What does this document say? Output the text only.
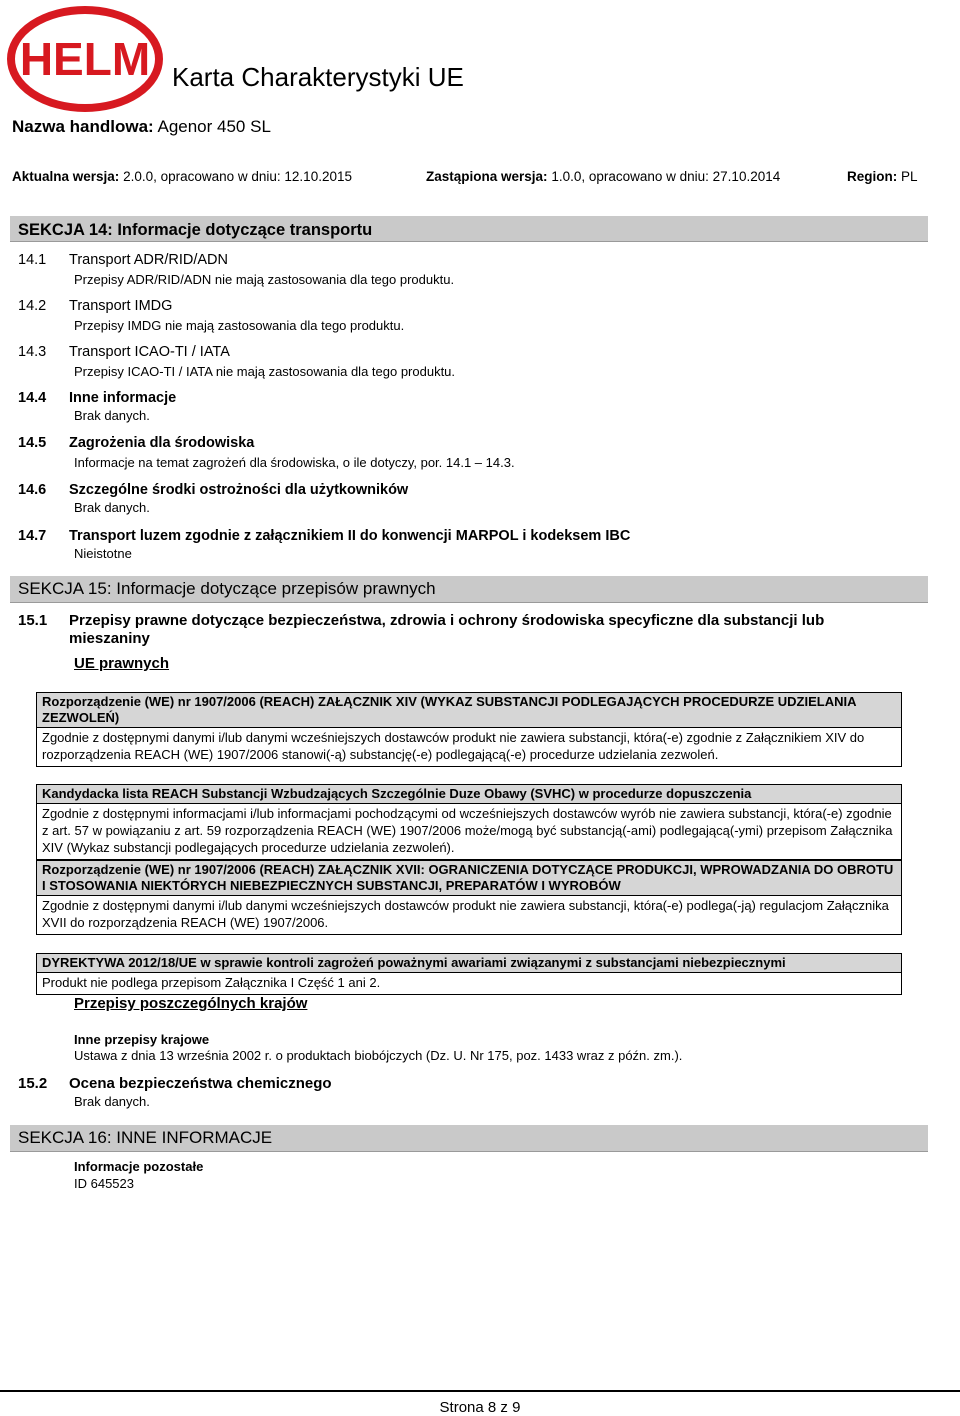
HELM Karta Charakterystyki UE
Nazwa handlowa: Agenor 450 SL
Aktualna wersja: 2.0.0, opracowano w dniu: 12.10.2015	Zastąpiona wersja: 1.0.0, opracowano w dniu: 27.10.2014	Region: PL
SEKCJA 14: Informacje dotyczące transportu
14.1 Transport ADR/RID/ADN
Przepisy ADR/RID/ADN nie mają zastosowania dla tego produktu.
14.2 Transport IMDG
Przepisy IMDG nie mają zastosowania dla tego produktu.
14.3 Transport ICAO-TI / IATA
Przepisy ICAO-TI / IATA nie mają zastosowania dla tego produktu.
14.4 Inne informacje
Brak danych.
14.5 Zagrożenia dla środowiska
Informacje na temat zagrożeń dla środowiska, o ile dotyczy, por. 14.1 – 14.3.
14.6 Szczególne środki ostrożności dla użytkowników
Brak danych.
14.7 Transport luzem zgodnie z załącznikiem II do konwencji MARPOL i kodeksem IBC
Nieistotne
SEKCJA 15: Informacje dotyczące przepisów prawnych
15.1 Przepisy prawne dotyczące bezpieczeństwa, zdrowia i ochrony środowiska specyficzne dla substancji lub
mieszaniny
UE prawnych
Rozporządzenie (WE) nr 1907/2006 (REACH) ZAŁĄCZNIK XIV (WYKAZ SUBSTANCJI PODLEGAJĄCYCH PROCEDURZE UDZIELANIA ZEZWOLEŃ)
Zgodnie z dostępnymi danymi i/lub danymi wcześniejszych dostawców produkt nie zawiera substancji, która(-e) zgodnie z Załącznikiem XIV do rozporządzenia REACH (WE) 1907/2006 stanowi(-ą) substancję(-e) podlegającą(-e) procedurze udzielania zezwoleń.
Kandydacka lista REACH Substancji Wzbudzających Szczególnie Duze Obawy (SVHC) w procedurze dopuszczenia
Zgodnie z dostępnymi informacjami i/lub informacjami pochodzącymi od wcześniejszych dostawców wyrób nie zawiera substancji, która(-e) zgodnie z art. 57 w powiązaniu z art. 59 rozporządzenia REACH (WE) 1907/2006 może/mogą być substancją(-ami) podlegającą(-ymi) przepisom Załącznika XIV (Wykaz substancji podlegających procedurze udzielania zezwoleń).
Rozporządzenie (WE) nr 1907/2006 (REACH) ZAŁĄCZNIK XVII: OGRANICZENIA DOTYCZĄCE PRODUKCJI, WPROWADZANIA DO OBROTU I STOSOWANIA NIEKTÓRYCH NIEBEZPIECZNYCH SUBSTANCJI, PREPARATÓW I WYROBÓW
Zgodnie z dostępnymi danymi i/lub danymi wcześniejszych dostawców produkt nie zawiera substancji, która(-e) podlega(-ją) regulacjom Załącznika XVII do rozporządzenia REACH (WE) 1907/2006.
DYREKTYWA 2012/18/UE w sprawie kontroli zagrożeń poważnymi awariami związanymi z substancjami niebezpiecznymi
Produkt nie podlega przepisom Załącznika I Część 1 ani 2.
Przepisy poszczególnych krajów
Inne przepisy krajowe
Ustawa z dnia 13 września 2002 r. o produktach biobójczych (Dz. U. Nr 175, poz. 1433 wraz z późn. zm.).
15.2 Ocena bezpieczeństwa chemicznego
Brak danych.
SEKCJA 16: INNE INFORMACJE
Informacje pozostałe
ID 645523
Strona 8 z 9
